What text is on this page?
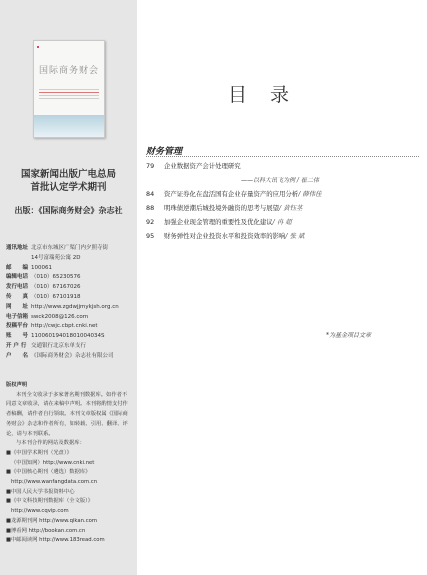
国际商务财会
国家新闻出版广电总局
首批认定学术期刊
出版：《国际商务财会》杂志社
通讯地址 北京市东城区广渠门内夕照寺街
14号富瑞苑公寓 2D
邮　　编 100061
编辑电话 （010）65230576
发行电话 （010）67167026
传　　真 （010）67101918
网　　址 http://www.zgdwjjmykjsh.org.cn
电子信箱 swck2008@126.com
投稿平台 http://cwjc.cbpt.cnki.net
账　　号 11006019401801004034S
开 户 行 交通银行北京东单支行
户　　名 《国际商务财会》杂志社有限公司
版权声明
本刊全文收录于多家著名期刊数据库。如作者不同意文章收录，请在来稿中声明。本刊将酌情支付作者稿酬，请作者自行领取。本刊文章版权属《国际商务财会》杂志和作者所有，如转载、引用、翻译、评论，请与本刊联系。
与本刊合作的网站及数据库：
■《中国学术期刊（光盘）》
（中国知网）http://www.cnki.net
■《中国核心期刊（遴选）数据库》
http://www.wanfangdata.com.cn
■中国人民大学书报资料中心
■《中文科技期刊数据库（全文版）》
http://www.cqvip.com
■龙源期刊网 http://www.qikan.com
■博看网 http://bookan.com.cn
■中邮阅读网 http://www.183read.com
目　录
财务管理
79	企业数据资产会计处理研究
——以科大讯飞为例 / 崔二伟
84	资产证券化在盘活国有企业存量资产的应用分析 / 薛伟佳
88	明珠债逆潮后城投境外融资的思考与展望 / 黄钰茎
92	加强企业现金管理的重要性及优化建议 / 冉 超
95	财务弹性对企业投资水平和投资效率的影响 / 张 斌
*为基金项目文章
